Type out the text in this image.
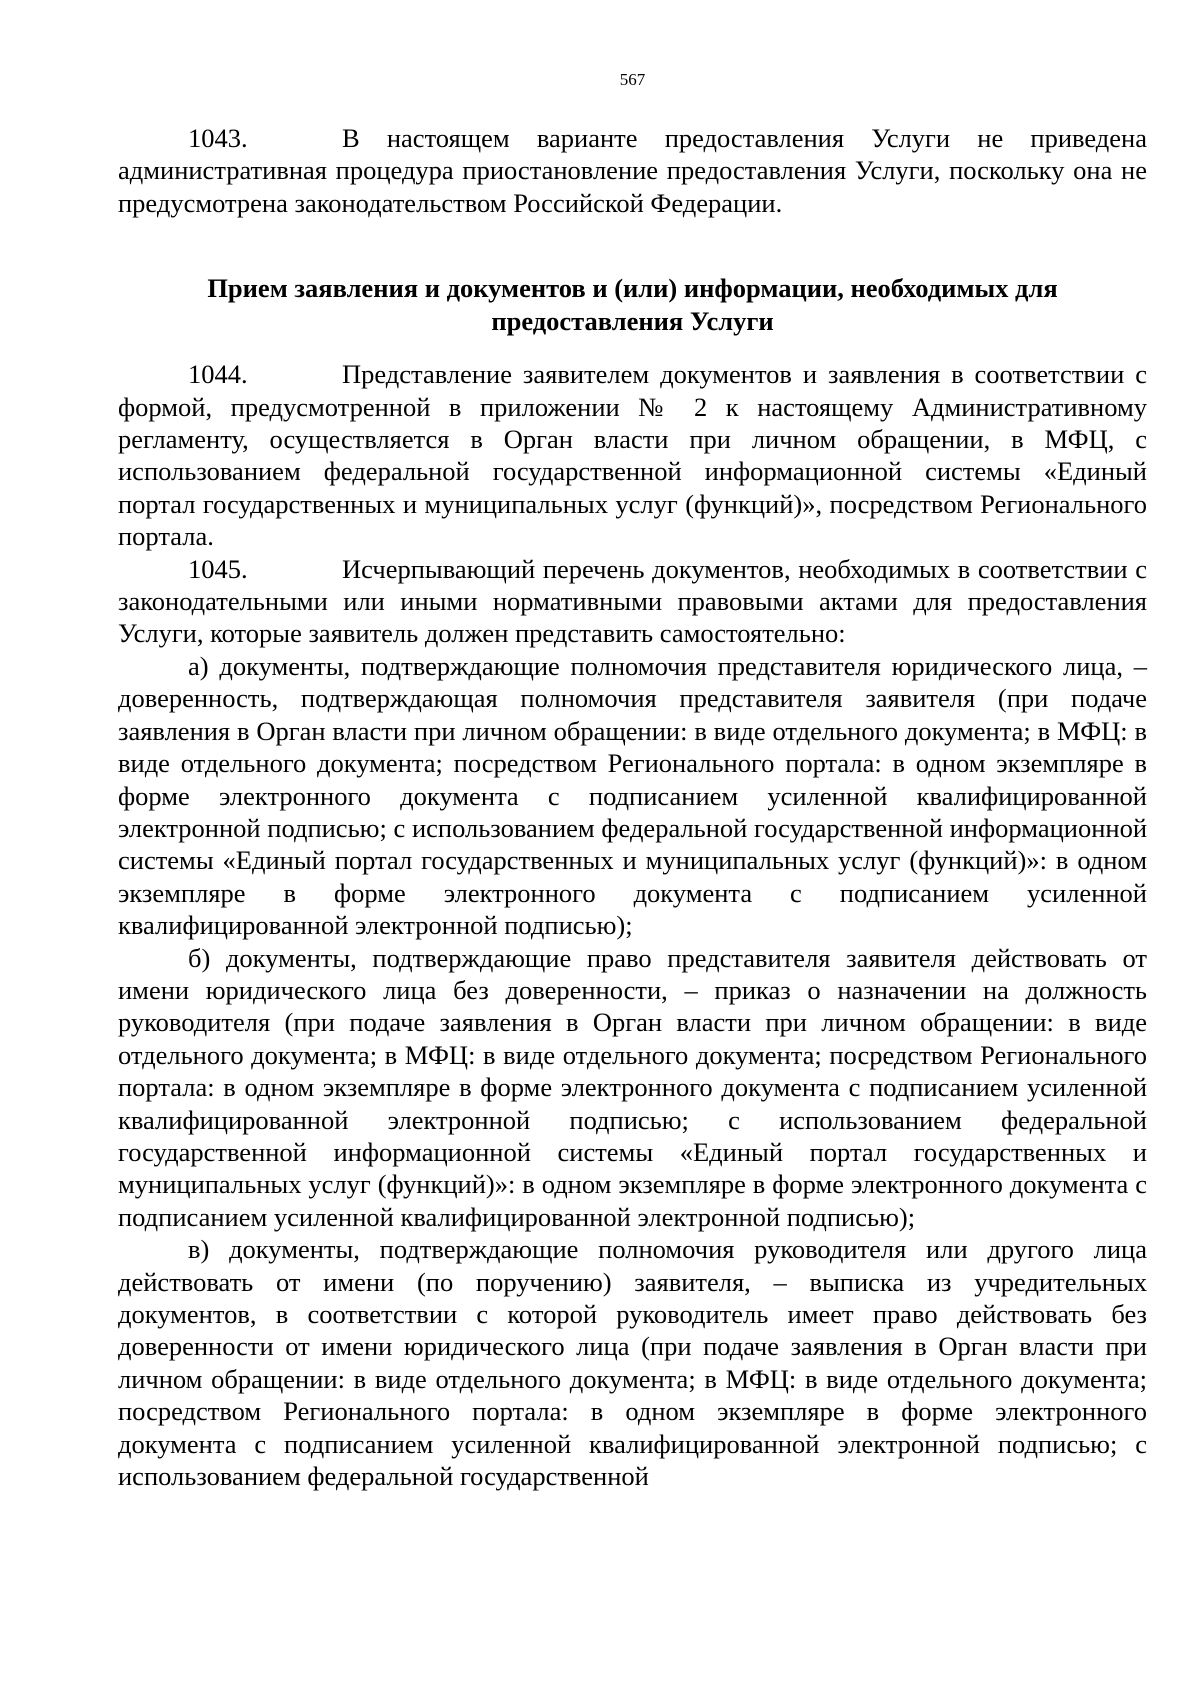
567

1043.	В настоящем варианте предоставления Услуги не приведена административная процедура приостановление предоставления Услуги, поскольку она не предусмотрена законодательством Российской Федерации.

Прием заявления и документов и (или) информации, необходимых для предоставления Услуги

1044.	Представление заявителем документов и заявления в соответствии с формой, предусмотренной в приложении № 2 к настоящему Административному регламенту, осуществляется в Орган власти при личном обращении, в МФЦ, с использованием федеральной государственной информационной системы «Единый портал государственных и муниципальных услуг (функций)», посредством Регионального портала.

1045.	Исчерпывающий перечень документов, необходимых в соответствии с законодательными или иными нормативными правовыми актами для предоставления Услуги, которые заявитель должен представить самостоятельно:

а) документы, подтверждающие полномочия представителя юридического лица, – доверенность, подтверждающая полномочия представителя заявителя (при подаче заявления в Орган власти при личном обращении: в виде отдельного документа; в МФЦ: в виде отдельного документа; посредством Регионального портала: в одном экземпляре в форме электронного документа с подписанием усиленной квалифицированной электронной подписью; с использованием федеральной государственной информационной системы «Единый портал государственных и муниципальных услуг (функций)»: в одном экземпляре в форме электронного документа с подписанием усиленной квалифицированной электронной подписью);

б) документы, подтверждающие право представителя заявителя действовать от имени юридического лица без доверенности, – приказ о назначении на должность руководителя (при подаче заявления в Орган власти при личном обращении: в виде отдельного документа; в МФЦ: в виде отдельного документа; посредством Регионального портала: в одном экземпляре в форме электронного документа с подписанием усиленной квалифицированной электронной подписью; с использованием федеральной государственной информационной системы «Единый портал государственных и муниципальных услуг (функций)»: в одном экземпляре в форме электронного документа с подписанием усиленной квалифицированной электронной подписью);

в) документы, подтверждающие полномочия руководителя или другого лица действовать от имени (по поручению) заявителя, – выписка из учредительных документов, в соответствии с которой руководитель имеет право действовать без доверенности от имени юридического лица (при подаче заявления в Орган власти при личном обращении: в виде отдельного документа; в МФЦ: в виде отдельного документа; посредством Регионального портала: в одном экземпляре в форме электронного документа с подписанием усиленной квалифицированной электронной подписью; с использованием федеральной государственной
